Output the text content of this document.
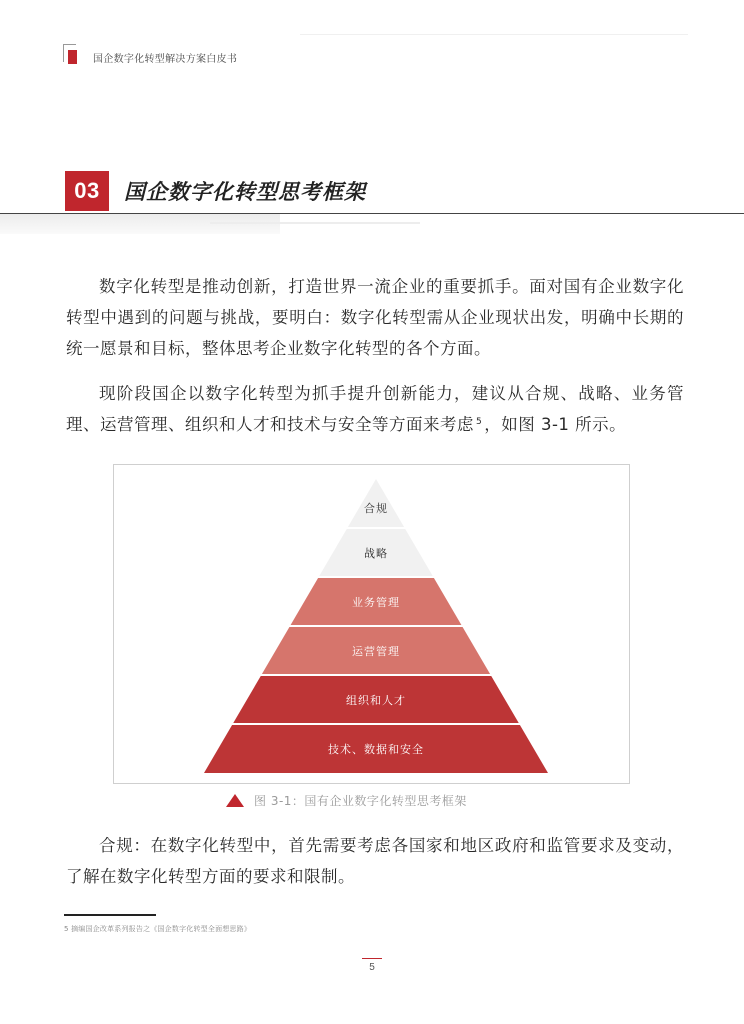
国企数字化转型解决方案白皮书
03	国企数字化转型思考框架

数字化转型是推动创新，打造世界一流企业的重要抓手。面对国有企业数字化转型中遇到的问题与挑战，要明白：数字化转型需从企业现状出发，明确中长期的统一愿景和目标，整体思考企业数字化转型的各个方面。

现阶段国企以数字化转型为抓手提升创新能力，建议从合规、战略、业务管理、运营管理、组织和人才和技术与安全等方面来考虑 $^5$ ，如图 3-1 所示。

合规
战略
业务管理
运营管理
组织和人才
技术、数据和安全
图 3-1：国有企业数字化转型思考框架

合规：在数字化转型中，首先需要考虑各国家和地区政府和监管要求及变动，了解在数字化转型方面的要求和限制。

5 摘编国企改革系列报告之《国企数字化转型全面想思路》
5
